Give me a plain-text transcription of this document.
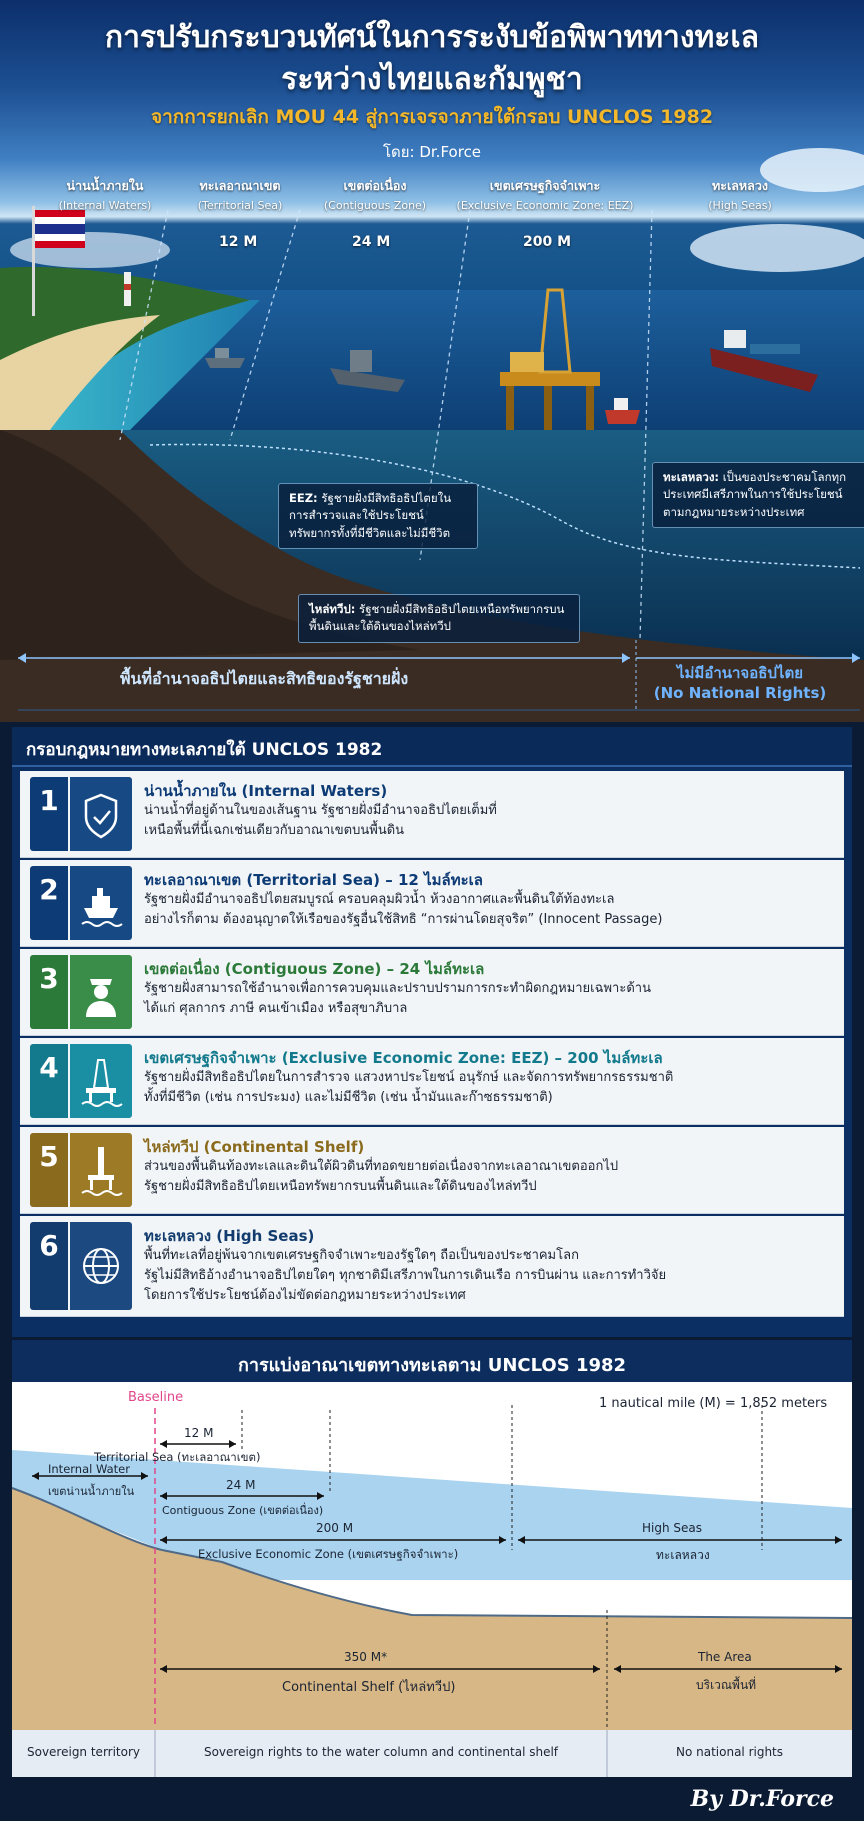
การปรับกระบวนทัศน์ในการระงับข้อพิพาททางทะเล
ระหว่างไทยและกัมพูชา
จากการยกเลิก MOU 44 สู่การเจรจาภายใต้กรอบ UNCLOS 1982
โดย: Dr.Force
น่านน้ำภายใน
(Internal Waters)
ทะเลอาณาเขต
(Territorial Sea)
เขตต่อเนื่อง
(Contiguous Zone)
เขตเศรษฐกิจจำเพาะ
(Exclusive Economic Zone: EEZ)
ทะเลหลวง
(High Seas)
12 M	24 M	200 M
EEZ: รัฐชายฝั่งมีสิทธิอธิปไตยในการสำรวจและใช้ประโยชน์ทรัพยากรทั้งที่มีชีวิตและไม่มีชีวิต
ทะเลหลวง: เป็นของประชาคมโลกทุกประเทศมีเสรีภาพในการใช้ประโยชน์ตามกฎหมายระหว่างประเทศ
ไหล่ทวีป: รัฐชายฝั่งมีสิทธิอธิปไตยเหนือทรัพยากรบนพื้นดินและใต้ดินของไหล่ทวีป
พื้นที่อำนาจอธิปไตยและสิทธิของรัฐชายฝั่ง	ไม่มีอำนาจอธิปไตย
(No National Rights)
กรอบกฎหมายทางทะเลภายใต้ UNCLOS 1982
1	น่านน้ำภายใน (Internal Waters)
น่านน้ำที่อยู่ด้านในของเส้นฐาน รัฐชายฝั่งมีอำนาจอธิปไตยเต็มที่
เหนือพื้นที่นี้เฉกเช่นเดียวกับอาณาเขตบนพื้นดิน
2	ทะเลอาณาเขต (Territorial Sea) – 12 ไมล์ทะเล
รัฐชายฝั่งมีอำนาจอธิปไตยสมบูรณ์ ครอบคลุมผิวน้ำ ห้วงอากาศและพื้นดินใต้ท้องทะเล
อย่างไรก็ตาม ต้องอนุญาตให้เรือของรัฐอื่นใช้สิทธิ “การผ่านโดยสุจริต” (Innocent Passage)
3	เขตต่อเนื่อง (Contiguous Zone) – 24 ไมล์ทะเล
รัฐชายฝั่งสามารถใช้อำนาจเพื่อการควบคุมและปราบปรามการกระทำผิดกฎหมายเฉพาะด้าน
ได้แก่ ศุลกากร ภาษี คนเข้าเมือง หรือสุขาภิบาล
4	เขตเศรษฐกิจจำเพาะ (Exclusive Economic Zone: EEZ) – 200 ไมล์ทะเล
รัฐชายฝั่งมีสิทธิอธิปไตยในการสำรวจ แสวงหาประโยชน์ อนุรักษ์ และจัดการทรัพยากรธรรมชาติ
ทั้งที่มีชีวิต (เช่น การประมง) และไม่มีชีวิต (เช่น น้ำมันและก๊าซธรรมชาติ)
5	ไหล่ทวีป (Continental Shelf)
ส่วนของพื้นดินท้องทะเลและดินใต้ผิวดินที่ทอดขยายต่อเนื่องจากทะเลอาณาเขตออกไป
รัฐชายฝั่งมีสิทธิอธิปไตยเหนือทรัพยากรบนพื้นดินและใต้ดินของไหล่ทวีป
6	ทะเลหลวง (High Seas)
พื้นที่ทะเลที่อยู่พ้นจากเขตเศรษฐกิจจำเพาะของรัฐใดๆ ถือเป็นของประชาคมโลก
รัฐไม่มีสิทธิอ้างอำนาจอธิปไตยใดๆ ทุกชาติมีเสรีภาพในการเดินเรือ การบินผ่าน และการทำวิจัย
โดยการใช้ประโยชน์ต้องไม่ขัดต่อกฎหมายระหว่างประเทศ
การแบ่งอาณาเขตทางทะเลตาม UNCLOS 1982
Baseline	1 nautical mile (M) = 1,852 meters
12 M
Territorial Sea (ทะเลอาณาเขต)
Internal Water
เขตน่านน้ำภายใน	24 M
Contiguous Zone (เขตต่อเนื่อง)
200 M
Exclusive Economic Zone (เขตเศรษฐกิจจำเพาะ)
High Seas
ทะเลหลวง
350 M*
Continental Shelf (ไหล่ทวีป)
The Area
บริเวณพื้นที่
Sovereign territory	Sovereign rights to the water column and continental shelf	No national rights
By Dr.Force
